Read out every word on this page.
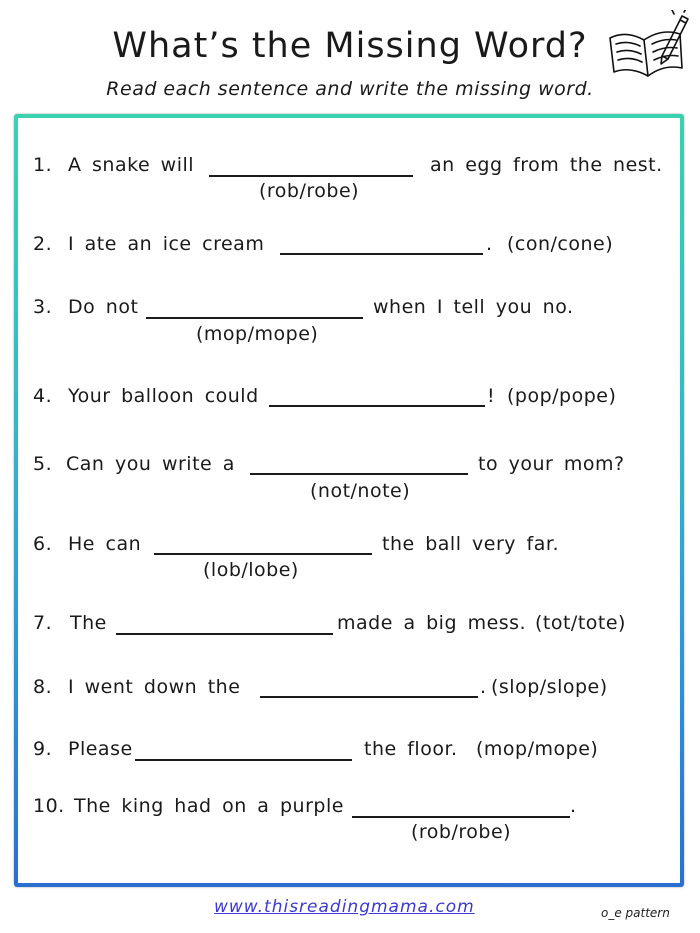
What’s the Missing Word?
Read each sentence and write the missing word.
1. A snake will	an egg from the nest.
(rob/robe)
2. I ate an ice cream	. (con/cone)
3. Do not	when I tell you no.
(mop/mope)
4. Your balloon could	! (pop/pope)
5. Can you write a	to your mom?
(not/note)
6. He can	the ball very far.
(lob/lobe)
7. The	made a big mess. (tot/tote)
8. I went down the	. (slop/slope)
9. Please	the floor. (mop/mope)
10. The king had on a purple	.
(rob/robe)
www.thisreadingmama.com	o_e pattern
